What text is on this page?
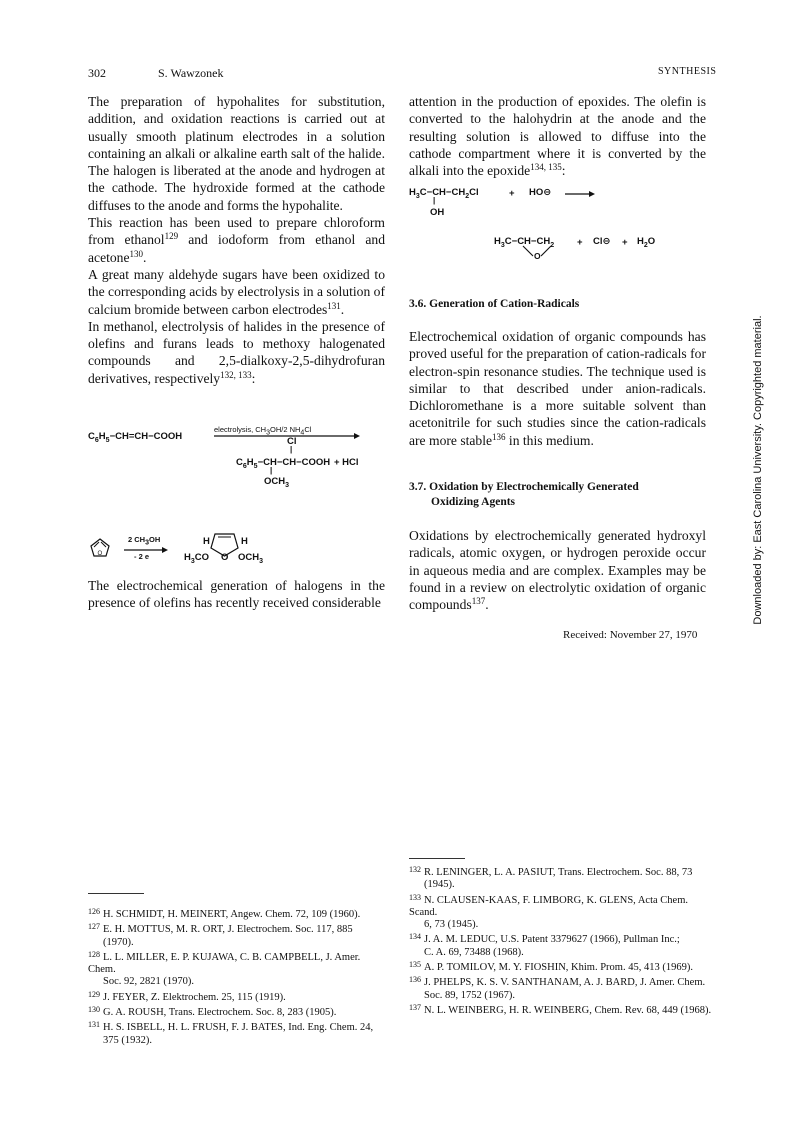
302	S. Wawzonek	SYNTHESIS

The preparation of hypohalites for substitution, addition, and oxidation reactions is carried out at usually smooth platinum electrodes in a solution containing an alkali or alkaline earth salt of the halide. The halogen is liberated at the anode and hydrogen at the cathode. The hydroxide formed at the cathode diffuses to the anode and forms the hypohalite.

This reaction has been used to prepare chloroform from ethanol$^{129}$ and iodoform from ethanol and acetone$^{130}$.

A great many aldehyde sugars have been oxidized to the corresponding acids by electrolysis in a solution of calcium bromide between carbon electrodes$^{131}$.

In methanol, electrolysis of halides in the presence of olefins and furans leads to methoxy halogenated compounds and 2,5-dialkoxy-2,5-dihydrofuran derivatives, respectively$^{132, 133}$:

$C_6H_5-CH=CH-COOH$
electrolysis, $CH_3OH/2$ $NH_4Cl$
Cl
|
$C_6H_5-CH-CH-COOH$ + HCl
|
$OCH_3$
O
2 $CH_3OH$
- 2 e
H	H
$H_3CO$ O $OCH_3$

The electrochemical generation of halogens in the presence of olefins has recently received considerable

attention in the production of epoxides. The olefin is converted to the halohydrin at the anode and the resulting solution is allowed to diffuse into the cathode compartment where it is converted by the alkali into the epoxide$^{134, 135}$:

$H_3C-CH-CH_2Cl$
|
OH
+ HO⊖ →
$H_3C-CH-CH_2$
O
+ Cl⊖ + $H_2O$
3.6. Generation of Cation-Radicals

Electrochemical oxidation of organic compounds has proved useful for the preparation of cation-radicals for electron-spin resonance studies. The technique used is similar to that described under anion-radicals. Dichloromethane is a more suitable solvent than acetonitrile for such studies since the cation-radicals are more stable$^{136}$ in this medium.

3.7. Oxidation by Electrochemically Generated
Oxidizing Agents

Oxidations by electrochemically generated hydroxyl radicals, atomic oxygen, or hydrogen peroxide occur in aqueous media and are complex. Examples may be found in a review on electrolytic oxidation of organic compounds$^{137}$.

Received: November 27, 1970
126 H. SCHMIDT, H. MEINERT, Angew. Chem. 72, 109 (1960).
127 E. H. MOTTUS, M. R. ORT, J. Electrochem. Soc. 117, 885
(1970).
128 L. L. MILLER, E. P. KUJAWA, C. B. CAMPBELL, J. Amer. Chem.
Soc. 92, 2821 (1970).
129 J. FEYER, Z. Elektrochem. 25, 115 (1919).
130 G. A. ROUSH, Trans. Electrochem. Soc. 8, 283 (1905).
131 H. S. ISBELL, H. L. FRUSH, F. J. BATES, Ind. Eng. Chem. 24,
375 (1932).
132 R. LENINGER, L. A. PASIUT, Trans. Electrochem. Soc. 88, 73
(1945).
133 N. CLAUSEN-KAAS, F. LIMBORG, K. GLENS, Acta Chem. Scand.
6, 73 (1945).
134 J. A. M. LEDUC, U.S. Patent 3379627 (1966), Pullman Inc.;
C. A. 69, 73488 (1968).
135 A. P. TOMILOV, M. Y. FIOSHIN, Khim. Prom. 45, 413 (1969).
136 J. PHELPS, K. S. V. SANTHANAM, A. J. BARD, J. Amer. Chem.
Soc. 89, 1752 (1967).
137 N. L. WEINBERG, H. R. WEINBERG, Chem. Rev. 68, 449 (1968).
Downloaded by: East Carolina University. Copyrighted material.
